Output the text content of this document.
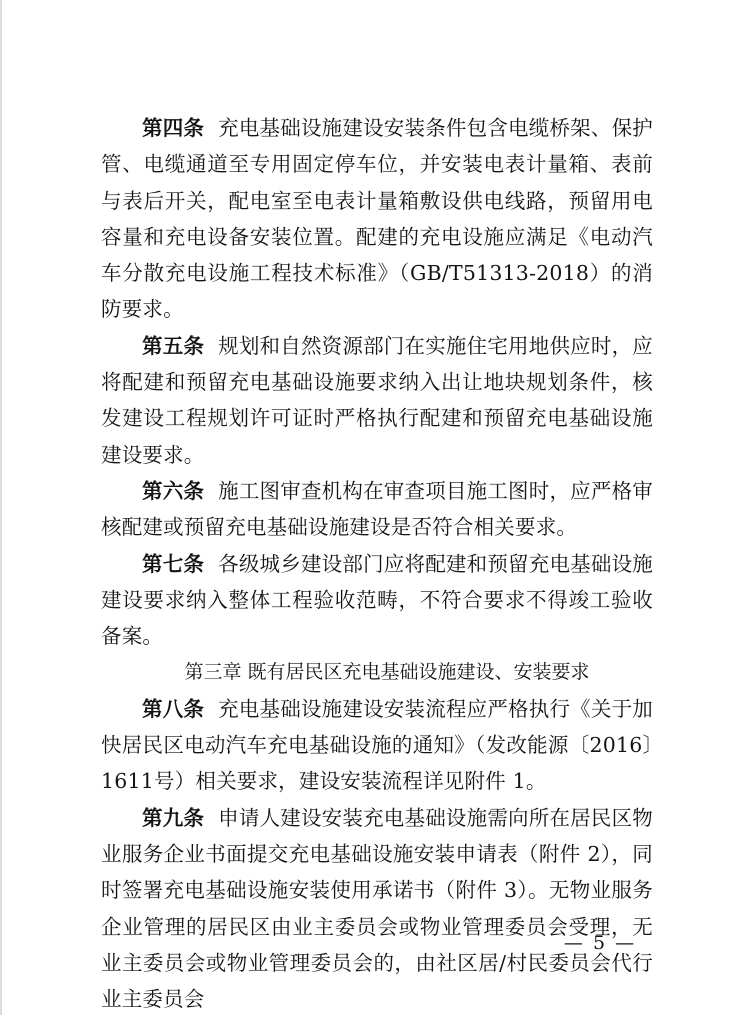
第四条 充电基础设施建设安装条件包含电缆桥架、保护管、电缆通道至专用固定停车位，并安装电表计量箱、表前与表后开关，配电室至电表计量箱敷设供电线路，预留用电容量和充电设备安装位置。配建的充电设施应满足《电动汽车分散充电设施工程技术标准》（GB/T51313-2018）的消防要求。

第五条 规划和自然资源部门在实施住宅用地供应时，应将配建和预留充电基础设施要求纳入出让地块规划条件，核发建设工程规划许可证时严格执行配建和预留充电基础设施建设要求。

第六条 施工图审查机构在审查项目施工图时，应严格审核配建或预留充电基础设施建设是否符合相关要求。

第七条 各级城乡建设部门应将配建和预留充电基础设施建设要求纳入整体工程验收范畴，不符合要求不得竣工验收备案。

第三章 既有居民区充电基础设施建设、安装要求

第八条 充电基础设施建设安装流程应严格执行《关于加快居民区电动汽车充电基础设施的通知》（发改能源〔2016〕1611号）相关要求，建设安装流程详见附件 1。

第九条 申请人建设安装充电基础设施需向所在居民区物业服务企业书面提交充电基础设施安装申请表（附件 2），同时签署充电基础设施安装使用承诺书（附件 3）。无物业服务企业管理的居民区由业主委员会或物业管理委员会受理，无业主委员会或物业管理委员会的，由社区居/村民委员会代行业主委员会

— 5 —
